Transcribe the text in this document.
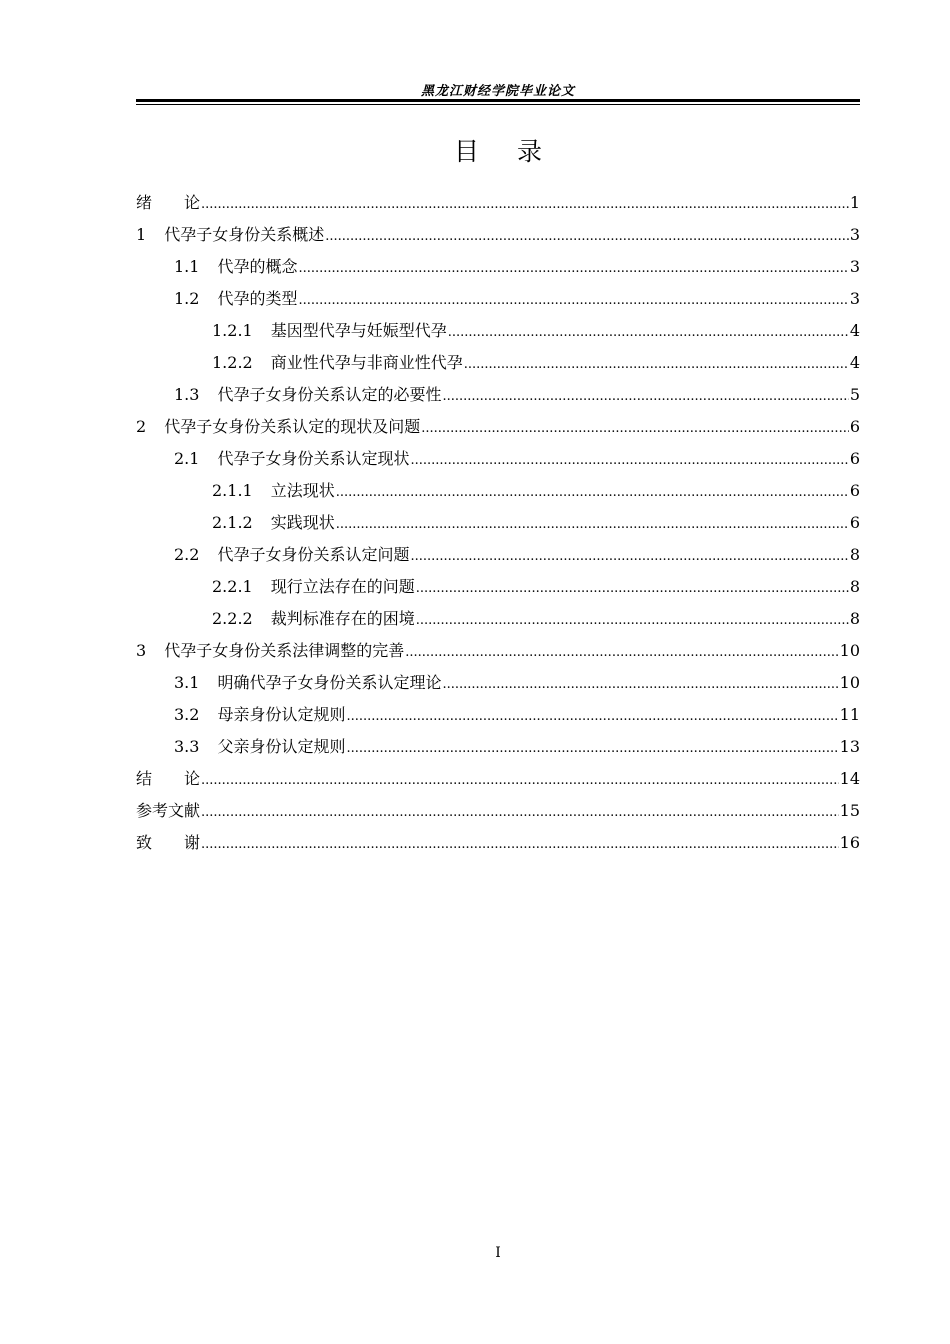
黑龙江财经学院毕业论文
目录
绪　　论 .....	1
1 代孕子女身份关系概述 .....	3
1.1 代孕的概念 .....	3
1.2 代孕的类型 .....	3
1.2.1 基因型代孕与妊娠型代孕 .....	4
1.2.2 商业性代孕与非商业性代孕 .....	4
1.3 代孕子女身份关系认定的必要性 .....	5
2 代孕子女身份关系认定的现状及问题 .....	6
2.1 代孕子女身份关系认定现状 .....	6
2.1.1 立法现状 .....	6
2.1.2 实践现状 .....	6
2.2 代孕子女身份关系认定问题 .....	8
2.2.1 现行立法存在的问题 .....	8
2.2.2 裁判标准存在的困境 .....	8
3 代孕子女身份关系法律调整的完善 .....	10
3.1 明确代孕子女身份关系认定理论 .....	10
3.2 母亲身份认定规则 .....	11
3.3 父亲身份认定规则 .....	13
结　　论 .....	14
参考文献 .....	15
致　　谢 .....	16
I
